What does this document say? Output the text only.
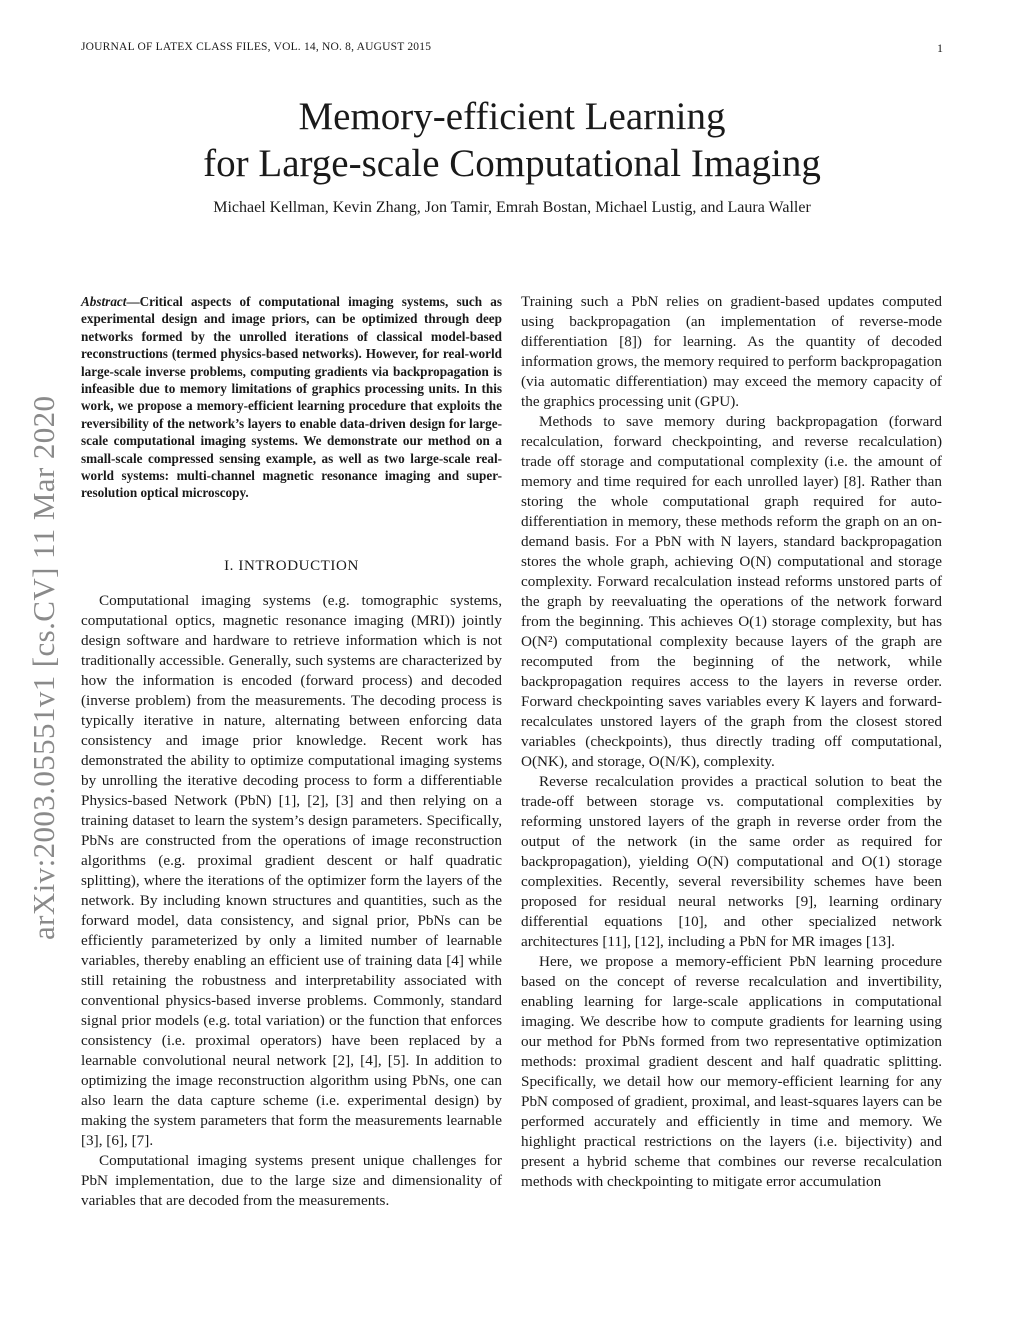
JOURNAL OF LATEX CLASS FILES, VOL. 14, NO. 8, AUGUST 2015	1
Memory-efficient Learning
for Large-scale Computational Imaging
Michael Kellman, Kevin Zhang, Jon Tamir, Emrah Bostan, Michael Lustig, and Laura Waller
arXiv:2003.05551v1 [cs.CV] 11 Mar 2020

Abstract—Critical aspects of computational imaging systems, such as experimental design and image priors, can be optimized through deep networks formed by the unrolled iterations of classical model-based reconstructions (termed physics-based networks). However, for real-world large-scale inverse problems, computing gradients via backpropagation is infeasible due to memory limitations of graphics processing units. In this work, we propose a memory-efficient learning procedure that exploits the reversibility of the network’s layers to enable data-driven design for large-scale computational imaging systems. We demonstrate our method on a small-scale compressed sensing example, as well as two large-scale real-world systems: multi-channel magnetic resonance imaging and super-resolution optical microscopy.

I. INTRODUCTION

Computational imaging systems (e.g. tomographic systems, computational optics, magnetic resonance imaging (MRI)) jointly design software and hardware to retrieve information which is not traditionally accessible. Generally, such systems are characterized by how the information is encoded (forward process) and decoded (inverse problem) from the measurements. The decoding process is typically iterative in nature, alternating between enforcing data consistency and image prior knowledge. Recent work has demonstrated the ability to optimize computational imaging systems by unrolling the iterative decoding process to form a differentiable Physics-based Network (PbN) [1], [2], [3] and then relying on a training dataset to learn the system’s design parameters. Specifically, PbNs are constructed from the operations of image reconstruction algorithms (e.g. proximal gradient descent or half quadratic splitting), where the iterations of the optimizer form the layers of the network. By including known structures and quantities, such as the forward model, data consistency, and signal prior, PbNs can be efficiently parameterized by only a limited number of learnable variables, thereby enabling an efficient use of training data [4] while still retaining the robustness and interpretability associated with conventional physics-based inverse problems. Commonly, standard signal prior models (e.g. total variation) or the function that enforces consistency (i.e. proximal operators) have been replaced by a learnable convolutional neural network [2], [4], [5]. In addition to optimizing the image reconstruction algorithm using PbNs, one can also learn the data capture scheme (i.e. experimental design) by making the system parameters that form the measurements learnable [3], [6], [7].

Computational imaging systems present unique challenges for PbN implementation, due to the large size and dimensionality of variables that are decoded from the measurements.

Training such a PbN relies on gradient-based updates computed using backpropagation (an implementation of reverse-mode differentiation [8]) for learning. As the quantity of decoded information grows, the memory required to perform backpropagation (via automatic differentiation) may exceed the memory capacity of the graphics processing unit (GPU).

Methods to save memory during backpropagation (forward recalculation, forward checkpointing, and reverse recalculation) trade off storage and computational complexity (i.e. the amount of memory and time required for each unrolled layer) [8]. Rather than storing the whole computational graph required for auto-differentiation in memory, these methods reform the graph on an on-demand basis. For a PbN with N layers, standard backpropagation stores the whole graph, achieving O(N) computational and storage complexity. Forward recalculation instead reforms unstored parts of the graph by reevaluating the operations of the network forward from the beginning. This achieves O(1) storage complexity, but has O(N²) computational complexity because layers of the graph are recomputed from the beginning of the network, while backpropagation requires access to the layers in reverse order. Forward checkpointing saves variables every K layers and forward-recalculates unstored layers of the graph from the closest stored variables (checkpoints), thus directly trading off computational, O(NK), and storage, O(N/K), complexity.

Reverse recalculation provides a practical solution to beat the trade-off between storage vs. computational complexities by reforming unstored layers of the graph in reverse order from the output of the network (in the same order as required for backpropagation), yielding O(N) computational and O(1) storage complexities. Recently, several reversibility schemes have been proposed for residual neural networks [9], learning ordinary differential equations [10], and other specialized network architectures [11], [12], including a PbN for MR images [13].

Here, we propose a memory-efficient PbN learning procedure based on the concept of reverse recalculation and invertibility, enabling learning for large-scale applications in computational imaging. We describe how to compute gradients for learning using our method for PbNs formed from two representative optimization methods: proximal gradient descent and half quadratic splitting. Specifically, we detail how our memory-efficient learning for any PbN composed of gradient, proximal, and least-squares layers can be performed accurately and efficiently in time and memory. We highlight practical restrictions on the layers (i.e. bijectivity) and present a hybrid scheme that combines our reverse recalculation methods with checkpointing to mitigate error accumulation
